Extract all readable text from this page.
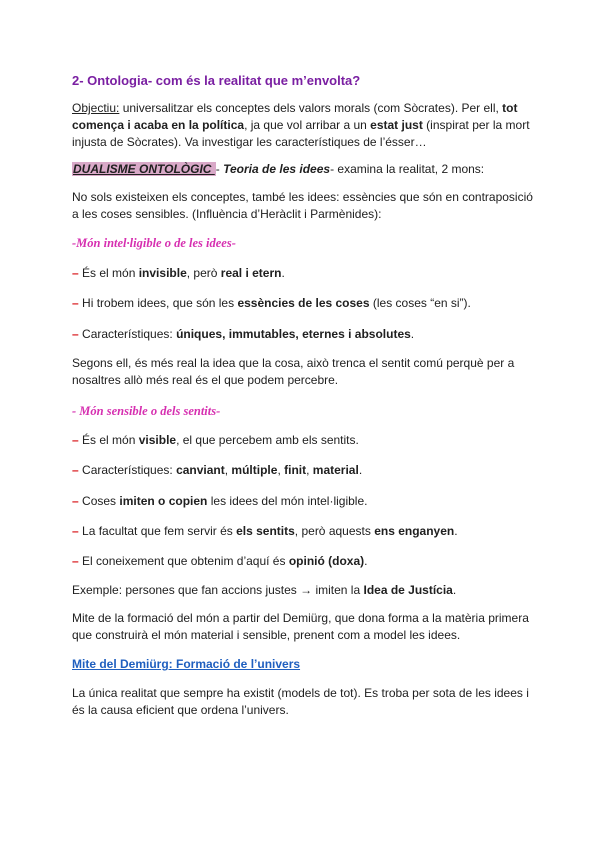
2- Ontologia- com és la realitat que m’envolta?

Objectiu: universalitzar els conceptes dels valors morals (com Sòcrates). Per ell, tot comença i acaba en la política, ja que vol arribar a un estat just (inspirat per la mort injusta de Sòcrates). Va investigar les característiques de l’ésser…

DUALISME ONTOLÒGIC - Teoria de les idees- examina la realitat, 2 mons:

No sols existeixen els conceptes, també les idees: essències que són en contraposició a les coses sensibles. (Influència d’Heràclit i Parmènides):

-Món intel·ligible o de les idees-

– És el món invisible, però real i etern.

– Hi trobem idees, que són les essències de les coses (les coses “en si”).

– Característiques: úniques, immutables, eternes i absolutes.

Segons ell, és més real la idea que la cosa, això trenca el sentit comú perquè per a nosaltres allò més real és el que podem percebre.

- Món sensible o dels sentits-

– És el món visible, el que percebem amb els sentits.

– Característiques: canviant, múltiple, finit, material.

– Coses imiten o copien les idees del món intel·ligible.

– La facultat que fem servir és els sentits, però aquests ens enganyen.

– El coneixement que obtenim d’aquí és opinió (doxa).

Exemple: persones que fan accions justes → imiten la Idea de Justícia.

Mite de la formació del món a partir del Demiürg, que dona forma a la matèria primera que construirà el món material i sensible, prenent com a model les idees.

Mite del Demiürg: Formació de l’univers

La única realitat que sempre ha existit (models de tot). Es troba per sota de les idees i és la causa eficient que ordena l’univers.
